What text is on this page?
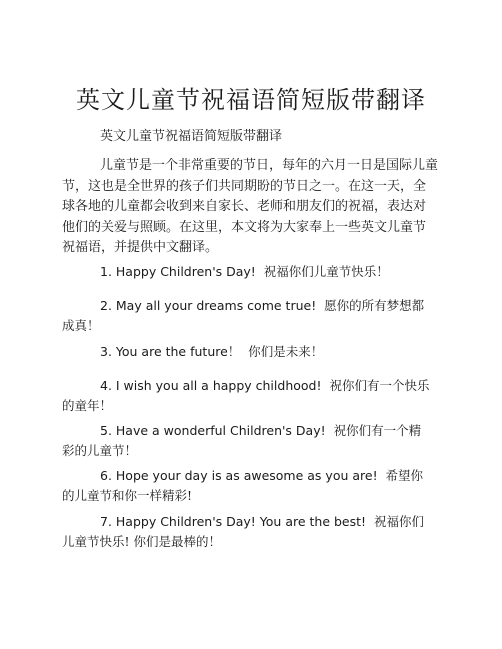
英文儿童节祝福语简短版带翻译

英文儿童节祝福语简短版带翻译

儿童节是一个非常重要的节日，每年的六月一日是国际儿童节，这也是全世界的孩子们共同期盼的节日之一。在这一天，全球各地的儿童都会收到来自家长、老师和朋友们的祝福，表达对他们的关爱与照顾。在这里，本文将为大家奉上一些英文儿童节祝福语，并提供中文翻译。

1. Happy Children's Day! 祝福你们儿童节快乐！

2. May all your dreams come true! 愿你的所有梦想都成真！

3. You are the future！ 你们是未来！

4. I wish you all a happy childhood! 祝你们有一个快乐的童年！

5. Have a wonderful Children's Day! 祝你们有一个精彩的儿童节！

6. Hope your day is as awesome as you are! 希望你的儿童节和你一样精彩!

7. Happy Children's Day! You are the best! 祝福你们儿童节快乐! 你们是最棒的！
